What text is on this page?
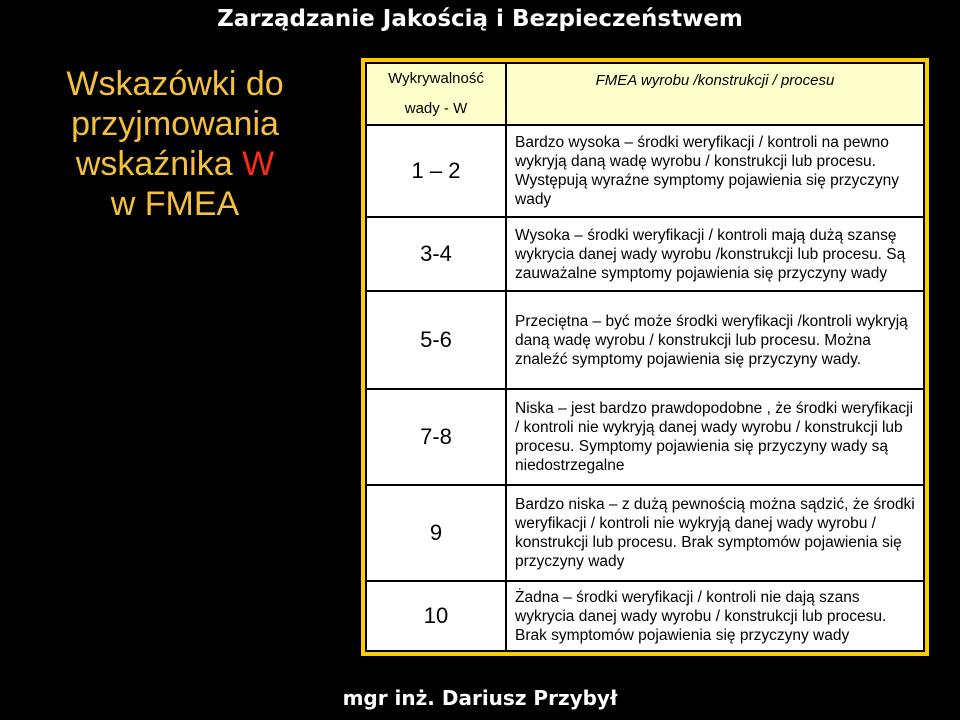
Zarządzanie Jakością i Bezpieczeństwem
Wskazówki do
przyjmowania
wskaźnika W
w FMEA
Wykrywalność
wady - W	FMEA wyrobu /konstrukcji / procesu
1 – 2	Bardzo wysoka – środki weryfikacji / kontroli na pewno wykryją daną wadę wyrobu / konstrukcji lub procesu. Występują wyraźne symptomy pojawienia się przyczyny wady
3-4	Wysoka – środki weryfikacji / kontroli mają dużą szansę wykrycia danej wady wyrobu /konstrukcji lub procesu. Są zauważalne symptomy pojawienia się przyczyny wady
5-6	Przeciętna – być może środki weryfikacji /kontroli wykryją daną wadę wyrobu / konstrukcji lub procesu. Można znaleźć symptomy pojawienia się przyczyny wady.
7-8	Niska – jest bardzo prawdopodobne , że środki weryfikacji / kontroli nie wykryją danej wady wyrobu / konstrukcji lub procesu. Symptomy pojawienia się przyczyny wady są niedostrzegalne
9	Bardzo niska – z dużą pewnością można sądzić, że środki weryfikacji / kontroli nie wykryją danej wady wyrobu / konstrukcji lub procesu. Brak symptomów pojawienia się przyczyny wady
10	Żadna – środki weryfikacji / kontroli nie dają szans wykrycia danej wady wyrobu / konstrukcji lub procesu. Brak symptomów pojawienia się przyczyny wady
mgr inż. Dariusz Przybył
